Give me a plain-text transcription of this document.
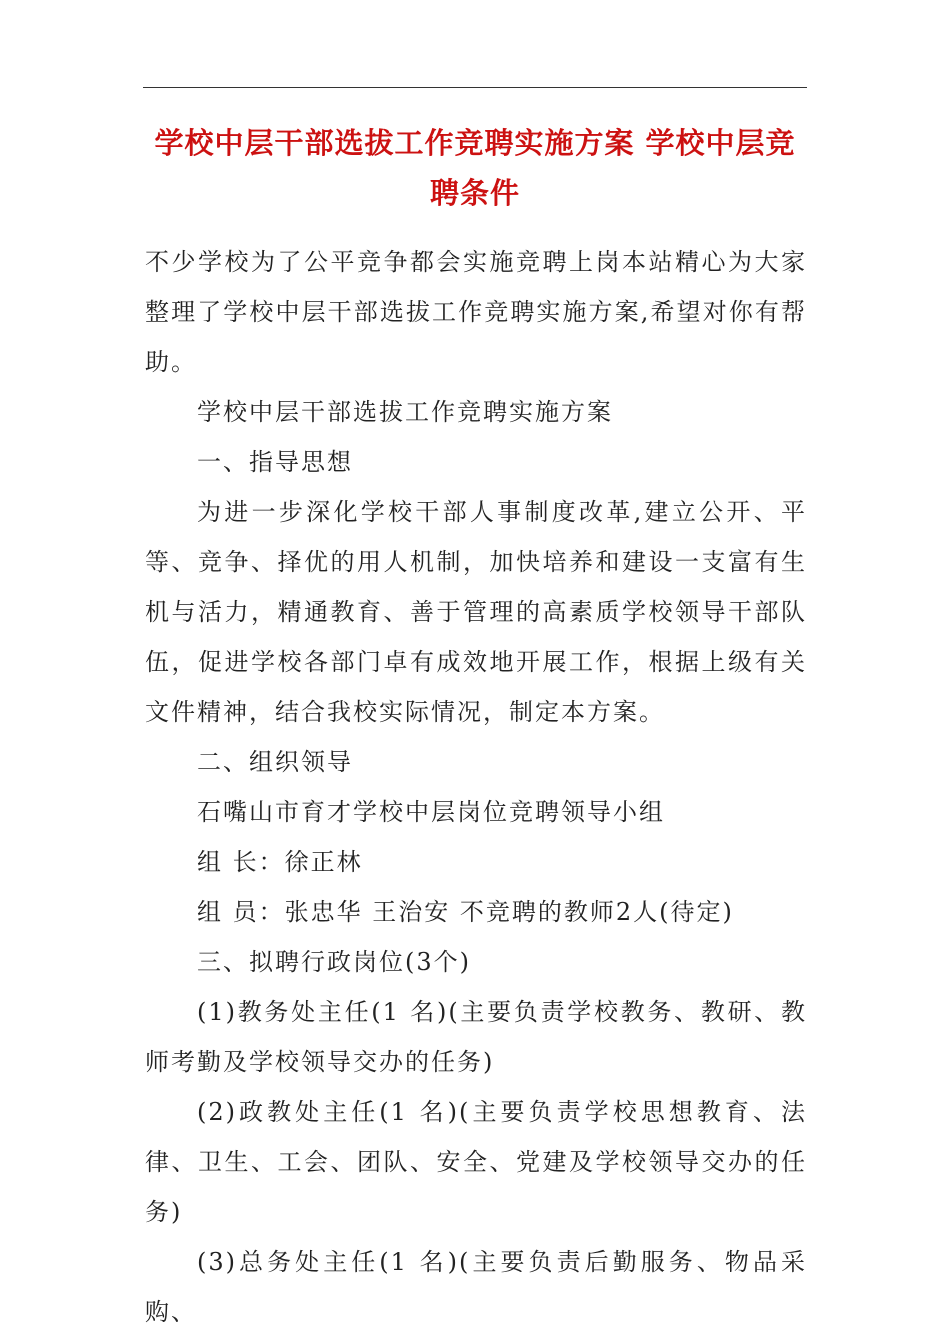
学校中层干部选拔工作竞聘实施方案 学校中层竞聘条件

不少学校为了公平竞争都会实施竞聘上岗本站精心为大家整理了学校中层干部选拔工作竞聘实施方案,希望对你有帮助。

学校中层干部选拔工作竞聘实施方案

一、指导思想

为进一步深化学校干部人事制度改革,建立公开、平等、竞争、择优的用人机制，加快培养和建设一支富有生机与活力，精通教育、善于管理的高素质学校领导干部队伍，促进学校各部门卓有成效地开展工作，根据上级有关文件精神，结合我校实际情况，制定本方案。

二、组织领导

石嘴山市育才学校中层岗位竞聘领导小组

组 长：徐正林

组 员：张忠华 王治安 不竞聘的教师2人(待定)

三、拟聘行政岗位(3个)

(1)教务处主任(1 名)(主要负责学校教务、教研、教师考勤及学校领导交办的任务)

(2)政教处主任(1 名)(主要负责学校思想教育、法律、卫生、工会、团队、安全、党建及学校领导交办的任务)

(3)总务处主任(1 名)(主要负责后勤服务、物品采购、
